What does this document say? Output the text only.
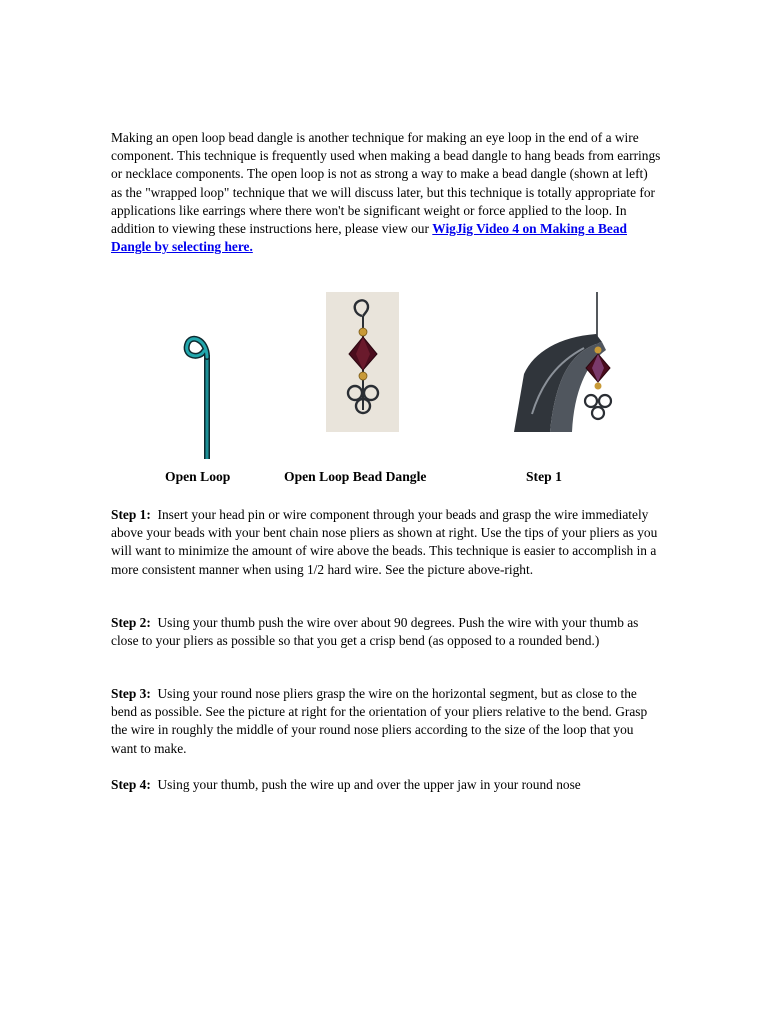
Making an open loop bead dangle is another technique for making an eye loop in the end of a wire component. This technique is frequently used when making a bead dangle to hang beads from earrings or necklace components. The open loop is not as strong a way to make a bead dangle (shown at left) as the "wrapped loop" technique that we will discuss later, but this technique is totally appropriate for applications like earrings where there won't be significant weight or force applied to the loop. In addition to viewing these instructions here, please view our WigJig Video 4 on Making a Bead Dangle by selecting here.

Open Loop	Open Loop Bead Dangle	Step 1

Step 1: Insert your head pin or wire component through your beads and grasp the wire immediately above your beads with your bent chain nose pliers as shown at right. Use the tips of your pliers as you will want to minimize the amount of wire above the beads. This technique is easier to accomplish in a more consistent manner when using 1/2 hard wire. See the picture above-right.

Step 2: Using your thumb push the wire over about 90 degrees. Push the wire with your thumb as close to your pliers as possible so that you get a crisp bend (as opposed to a rounded bend.)

Step 3: Using your round nose pliers grasp the wire on the horizontal segment, but as close to the bend as possible. See the picture at right for the orientation of your pliers relative to the bend. Grasp the wire in roughly the middle of your round nose pliers according to the size of the loop that you want to make.

Step 4: Using your thumb, push the wire up and over the upper jaw in your round nose
